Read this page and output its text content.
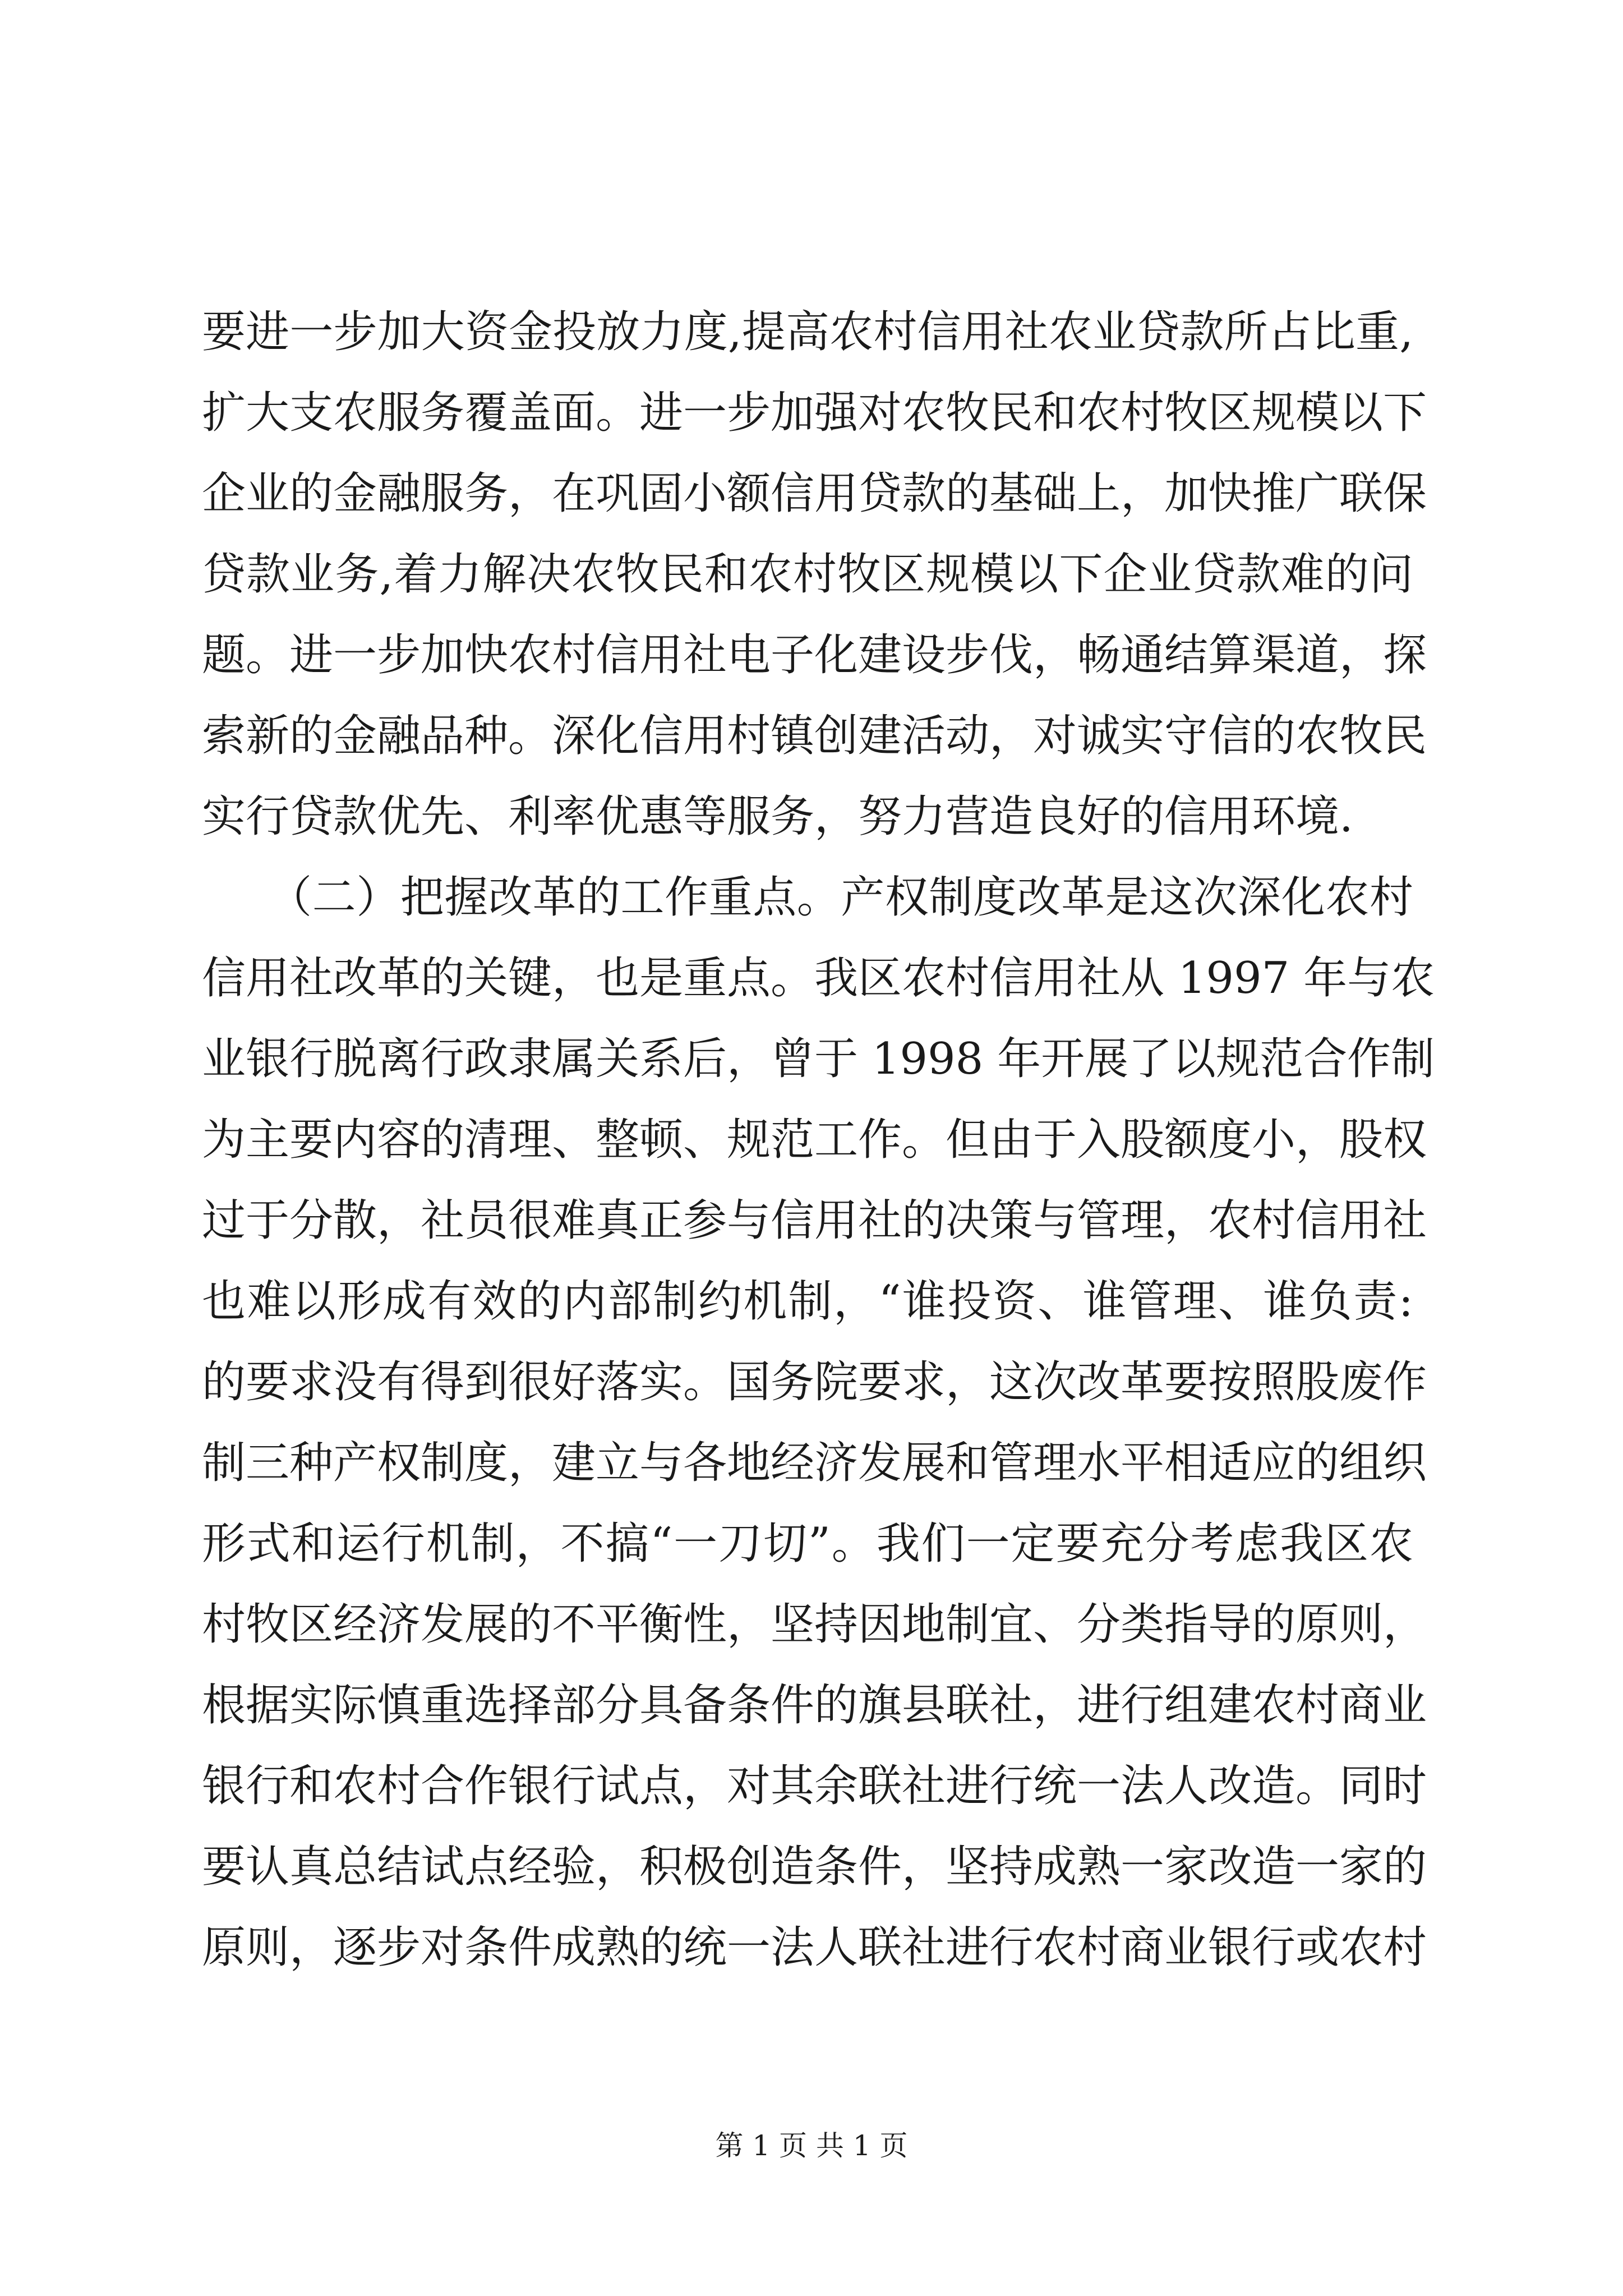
要进一步加大资金投放力度,提高农村信用社农业贷款所占比重,
扩大支农服务覆盖面。进一步加强对农牧民和农村牧区规模以下
企业的金融服务，在巩固小额信用贷款的基础上，加快推广联保
贷款业务,着力解决农牧民和农村牧区规模以下企业贷款难的问
题。进一步加快农村信用社电子化建设步伐，畅通结算渠道，探
索新的金融品种。深化信用村镇创建活动，对诚实守信的农牧民
实行贷款优先、利率优惠等服务，努力营造良好的信用环境.
　　（二）把握改革的工作重点。产权制度改革是这次深化农村
信用社改革的关键，也是重点。我区农村信用社从 1997 年与农
业银行脱离行政隶属关系后，曾于 1998 年开展了以规范合作制
为主要内容的清理、整顿、规范工作。但由于入股额度小，股权
过于分散，社员很难真正参与信用社的决策与管理，农村信用社
也难以形成有效的内部制约机制，“谁投资、谁管理、谁负责:
的要求没有得到很好落实。国务院要求，这次改革要按照股废作
制三种产权制度，建立与各地经济发展和管理水平相适应的组织
形式和运行机制，不搞“一刀切”。我们一定要充分考虑我区农
村牧区经济发展的不平衡性，坚持因地制宜、分类指导的原则，
根据实际慎重选择部分具备条件的旗县联社，进行组建农村商业
银行和农村合作银行试点，对其余联社进行统一法人改造。同时
要认真总结试点经验，积极创造条件，坚持成熟一家改造一家的
原则，逐步对条件成熟的统一法人联社进行农村商业银行或农村
第 1 页 共 1 页
